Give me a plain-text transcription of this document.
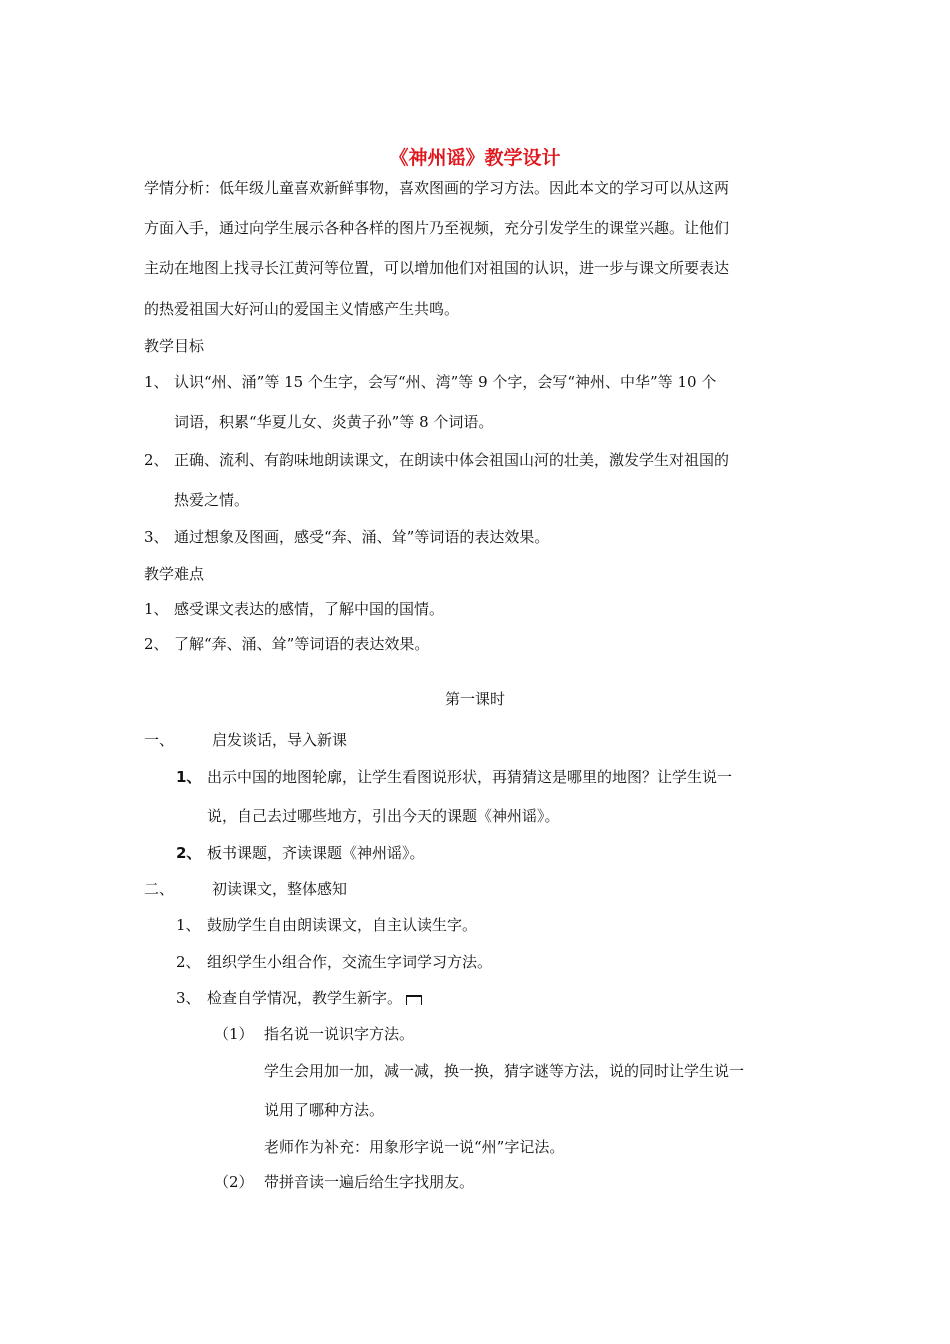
《神州谣》教学设计
学情分析：低年级儿童喜欢新鲜事物，喜欢图画的学习方法。因此本文的学习可以从这两
方面入手，通过向学生展示各种各样的图片乃至视频，充分引发学生的课堂兴趣。让他们
主动在地图上找寻长江黄河等位置，可以增加他们对祖国的认识，进一步与课文所要表达
的热爱祖国大好河山的爱国主义情感产生共鸣。
教学目标
1、 认识“州、涌”等 15 个生字，会写“州、湾”等 9 个字，会写“神州、中华”等 10 个
词语，积累“华夏儿女、炎黄子孙”等 8 个词语。
2、 正确、流利、有韵味地朗读课文，在朗读中体会祖国山河的壮美，激发学生对祖国的
热爱之情。
3、 通过想象及图画，感受“奔、涌、耸”等词语的表达效果。
教学难点
1、 感受课文表达的感情，了解中国的国情。
2、 了解“奔、涌、耸”等词语的表达效果。
第一课时
一、	启发谈话，导入新课
1、 出示中国的地图轮廓，让学生看图说形状，再猜猜这是哪里的地图？让学生说一
说，自己去过哪些地方，引出今天的课题《神州谣》。
2、 板书课题，齐读课题《神州谣》。
二、	初读课文，整体感知
1、 鼓励学生自由朗读课文，自主认读生字。
2、 组织学生小组合作，交流生字词学习方法。
3、 检查自学情况，教学生新字。
（1） 指名说一说识字方法。
学生会用加一加，减一减，换一换，猜字谜等方法，说的同时让学生说一
说用了哪种方法。
老师作为补充：用象形字说一说“州”字记法。
（2） 带拼音读一遍后给生字找朋友。
